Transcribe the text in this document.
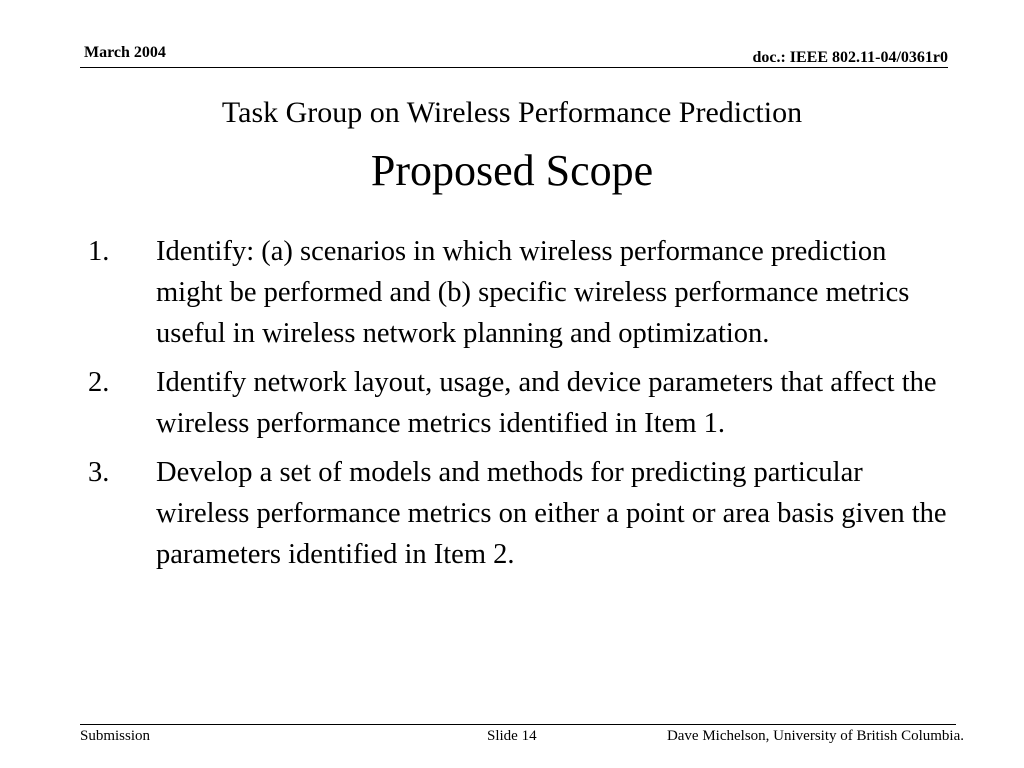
March 2004	doc.: IEEE 802.11-04/0361r0
Task Group on Wireless Performance Prediction
Proposed Scope
1. Identify: (a) scenarios in which wireless performance prediction might be performed and (b) specific wireless performance metrics useful in wireless network planning and optimization.
2. Identify network layout, usage, and device parameters that affect the wireless performance metrics identified in Item 1.
3. Develop a set of models and methods for predicting particular wireless performance metrics on either a point or area basis given the parameters identified in Item 2.
Submission	Slide 14	Dave Michelson, University of British Columbia.
